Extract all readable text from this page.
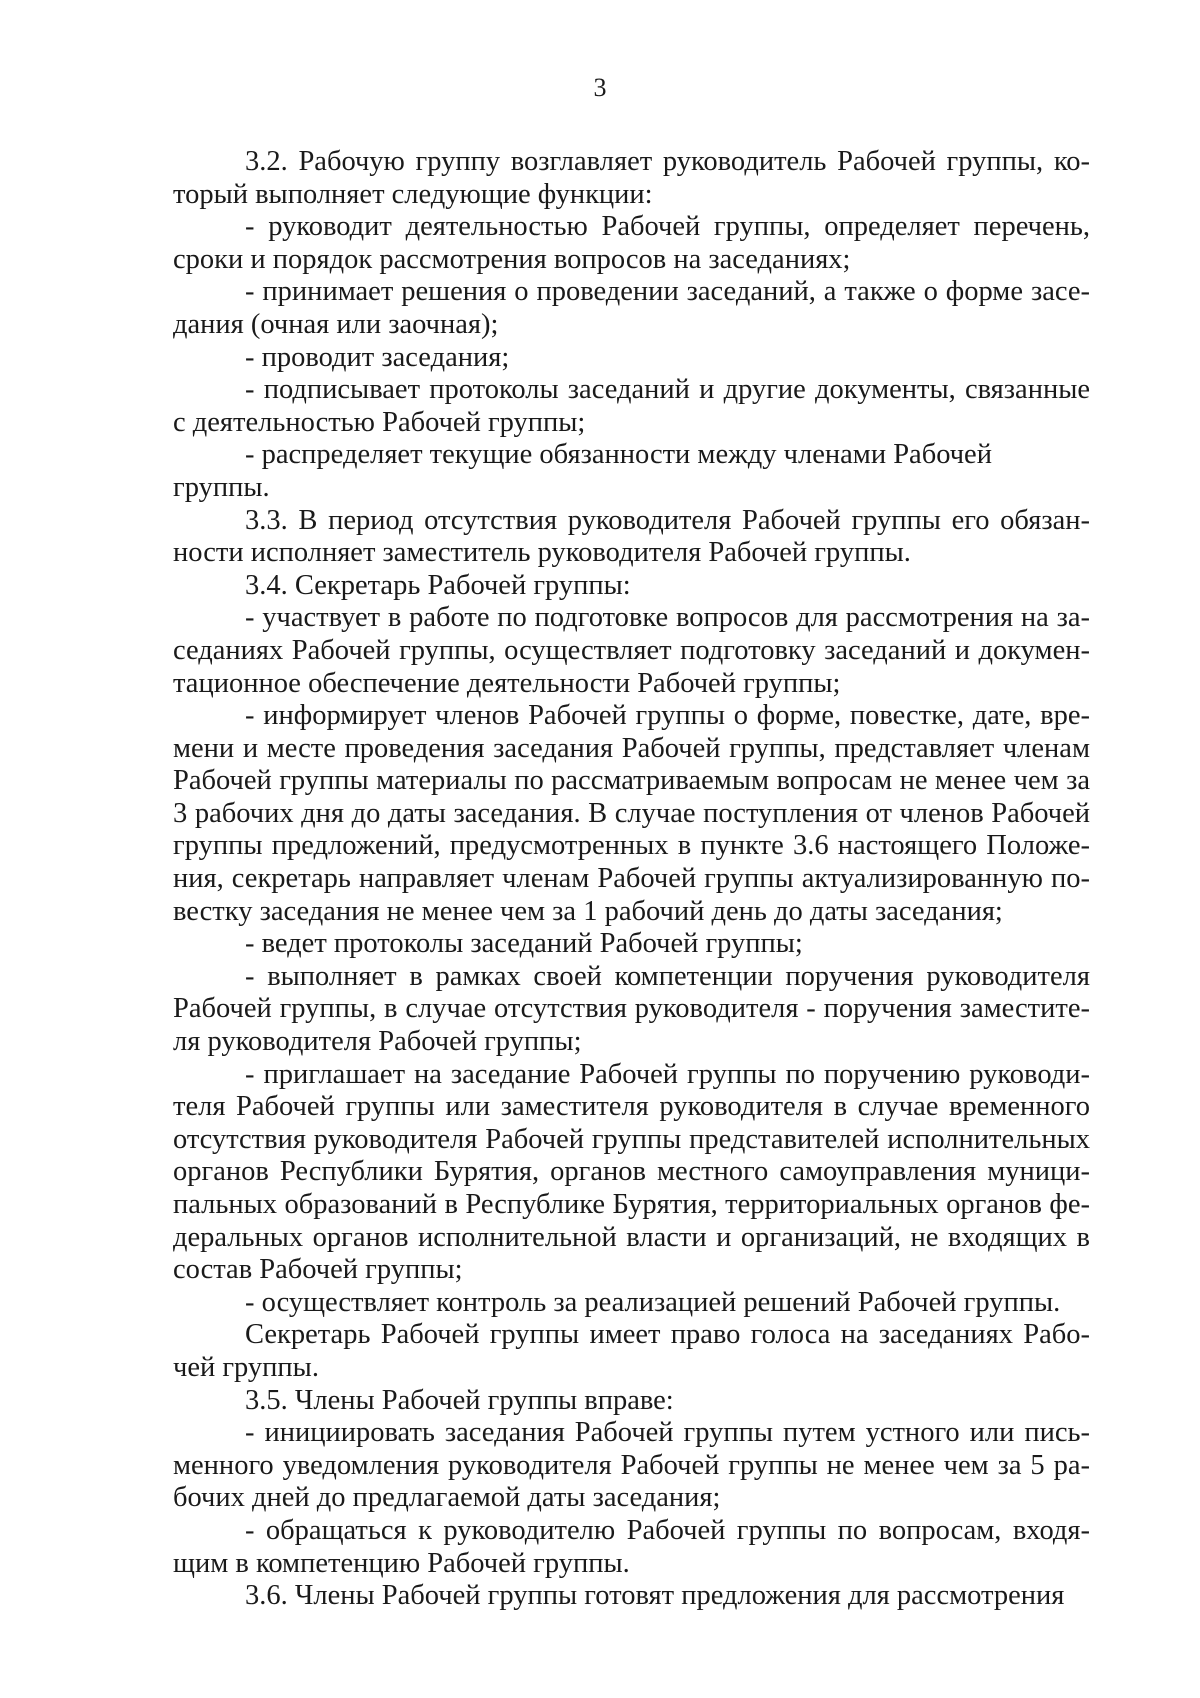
3

3.2. Рабочую группу возглавляет руководитель Рабочей группы, который выполняет следующие функции:

- руководит деятельностью Рабочей группы, определяет перечень, сроки и порядок рассмотрения вопросов на заседаниях;

- принимает решения о проведении заседаний, а также о форме заседания (очная или заочная);

- проводит заседания;

- подписывает протоколы заседаний и другие документы, связанные с деятельностью Рабочей группы;

- распределяет текущие обязанности между членами Рабочей группы.

3.3. В период отсутствия руководителя Рабочей группы его обязанности исполняет заместитель руководителя Рабочей группы.

3.4. Секретарь Рабочей группы:

- участвует в работе по подготовке вопросов для рассмотрения на заседаниях Рабочей группы, осуществляет подготовку заседаний и документационное обеспечение деятельности Рабочей группы;

- информирует членов Рабочей группы о форме, повестке, дате, времени и месте проведения заседания Рабочей группы, представляет членам Рабочей группы материалы по рассматриваемым вопросам не менее чем за 3 рабочих дня до даты заседания. В случае поступления от членов Рабочей группы предложений, предусмотренных в пункте 3.6 настоящего Положения, секретарь направляет членам Рабочей группы актуализированную повестку заседания не менее чем за 1 рабочий день до даты заседания;

- ведет протоколы заседаний Рабочей группы;

- выполняет в рамках своей компетенции поручения руководителя Рабочей группы, в случае отсутствия руководителя - поручения заместителя руководителя Рабочей группы;

- приглашает на заседание Рабочей группы по поручению руководителя Рабочей группы или заместителя руководителя в случае временного отсутствия руководителя Рабочей группы представителей исполнительных органов Республики Бурятия, органов местного самоуправления муниципальных образований в Республике Бурятия, территориальных органов федеральных органов исполнительной власти и организаций, не входящих в состав Рабочей группы;

- осуществляет контроль за реализацией решений Рабочей группы.

Секретарь Рабочей группы имеет право голоса на заседаниях Рабочей группы.

3.5. Члены Рабочей группы вправе:

- инициировать заседания Рабочей группы путем устного или письменного уведомления руководителя Рабочей группы не менее чем за 5 рабочих дней до предлагаемой даты заседания;

- обращаться к руководителю Рабочей группы по вопросам, входящим в компетенцию Рабочей группы.

3.6. Члены Рабочей группы готовят предложения для рассмотрения
